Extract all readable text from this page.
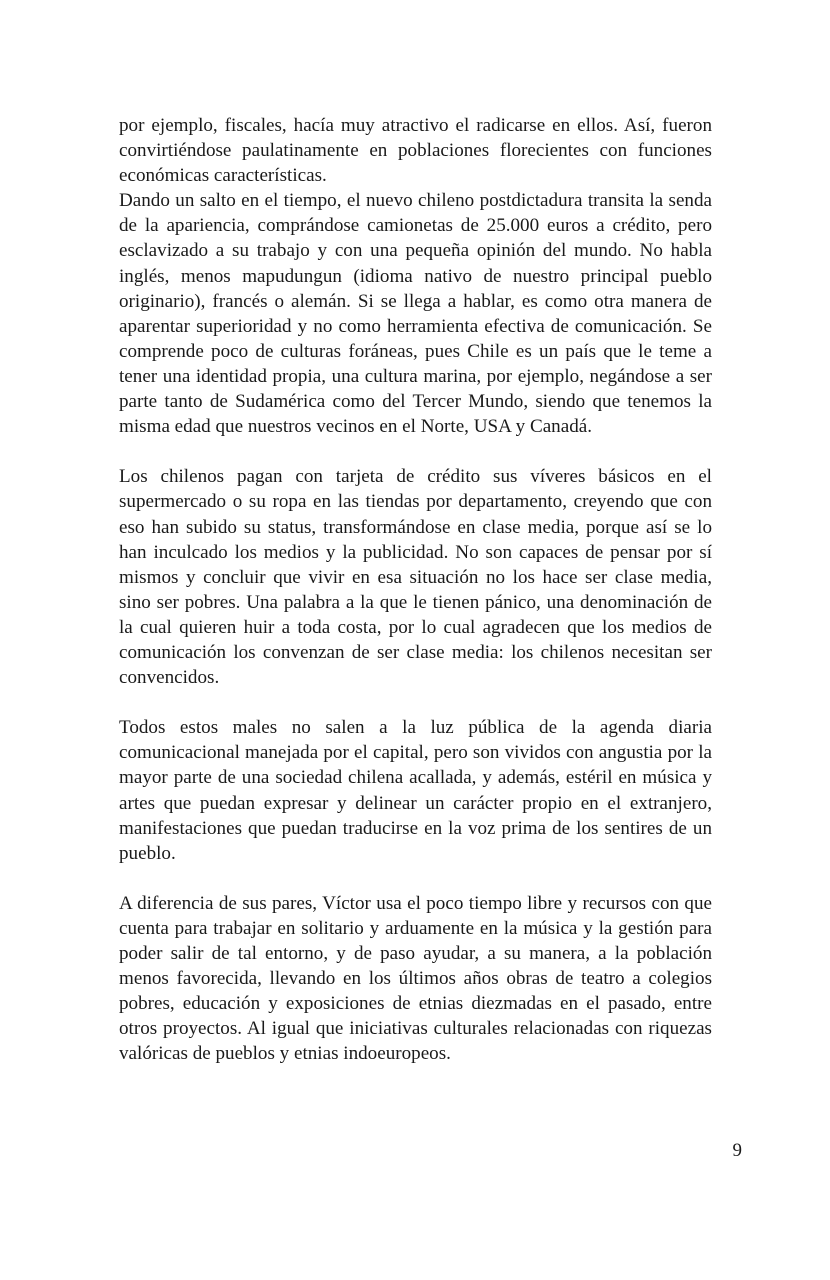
por ejemplo, fiscales, hacía muy atractivo el radicarse en ellos. Así, fueron convirtiéndose paulatinamente en poblaciones florecientes con funciones económicas características.

Dando un salto en el tiempo, el nuevo chileno postdictadura transita la senda de la apariencia, comprándose camionetas de 25.000 euros a crédito, pero esclavizado a su trabajo y con una pequeña opinión del mundo. No habla inglés, menos mapudungun (idioma nativo de nuestro principal pueblo originario), francés o alemán. Si se llega a hablar, es como otra manera de aparentar superioridad y no como herramienta efectiva de comunicación. Se comprende poco de culturas foráneas, pues Chile es un país que le teme a tener una identidad propia, una cultura marina, por ejemplo, negándose a ser parte tanto de Sudamérica como del Tercer Mundo, siendo que tenemos la misma edad que nuestros vecinos en el Norte, USA y Canadá.

Los chilenos pagan con tarjeta de crédito sus víveres básicos en el supermercado o su ropa en las tiendas por departamento, creyendo que con eso han subido su status, transformándose en clase media, porque así se lo han inculcado los medios y la publicidad. No son capaces de pensar por sí mismos y concluir que vivir en esa situación no los hace ser clase media, sino ser pobres. Una palabra a la que le tienen pánico, una denominación de la cual quieren huir a toda costa, por lo cual agradecen que los medios de comunicación los convenzan de ser clase media: los chilenos necesitan ser convencidos.

Todos estos males no salen a la luz pública de la agenda diaria comunicacional manejada por el capital, pero son vividos con angustia por la mayor parte de una sociedad chilena acallada, y además, estéril en música y artes que puedan expresar y delinear un carácter propio en el extranjero, manifestaciones que puedan traducirse en la voz prima de los sentires de un pueblo.

A diferencia de sus pares, Víctor usa el poco tiempo libre y recursos con que cuenta para trabajar en solitario y arduamente en la música y la gestión para poder salir de tal entorno, y de paso ayudar, a su manera, a la población menos favorecida, llevando en los últimos años obras de teatro a colegios pobres, educación y exposiciones de etnias diezmadas en el pasado, entre otros proyectos. Al igual que iniciativas culturales relacionadas con riquezas valóricas de pueblos y etnias indoeuropeos.

9
